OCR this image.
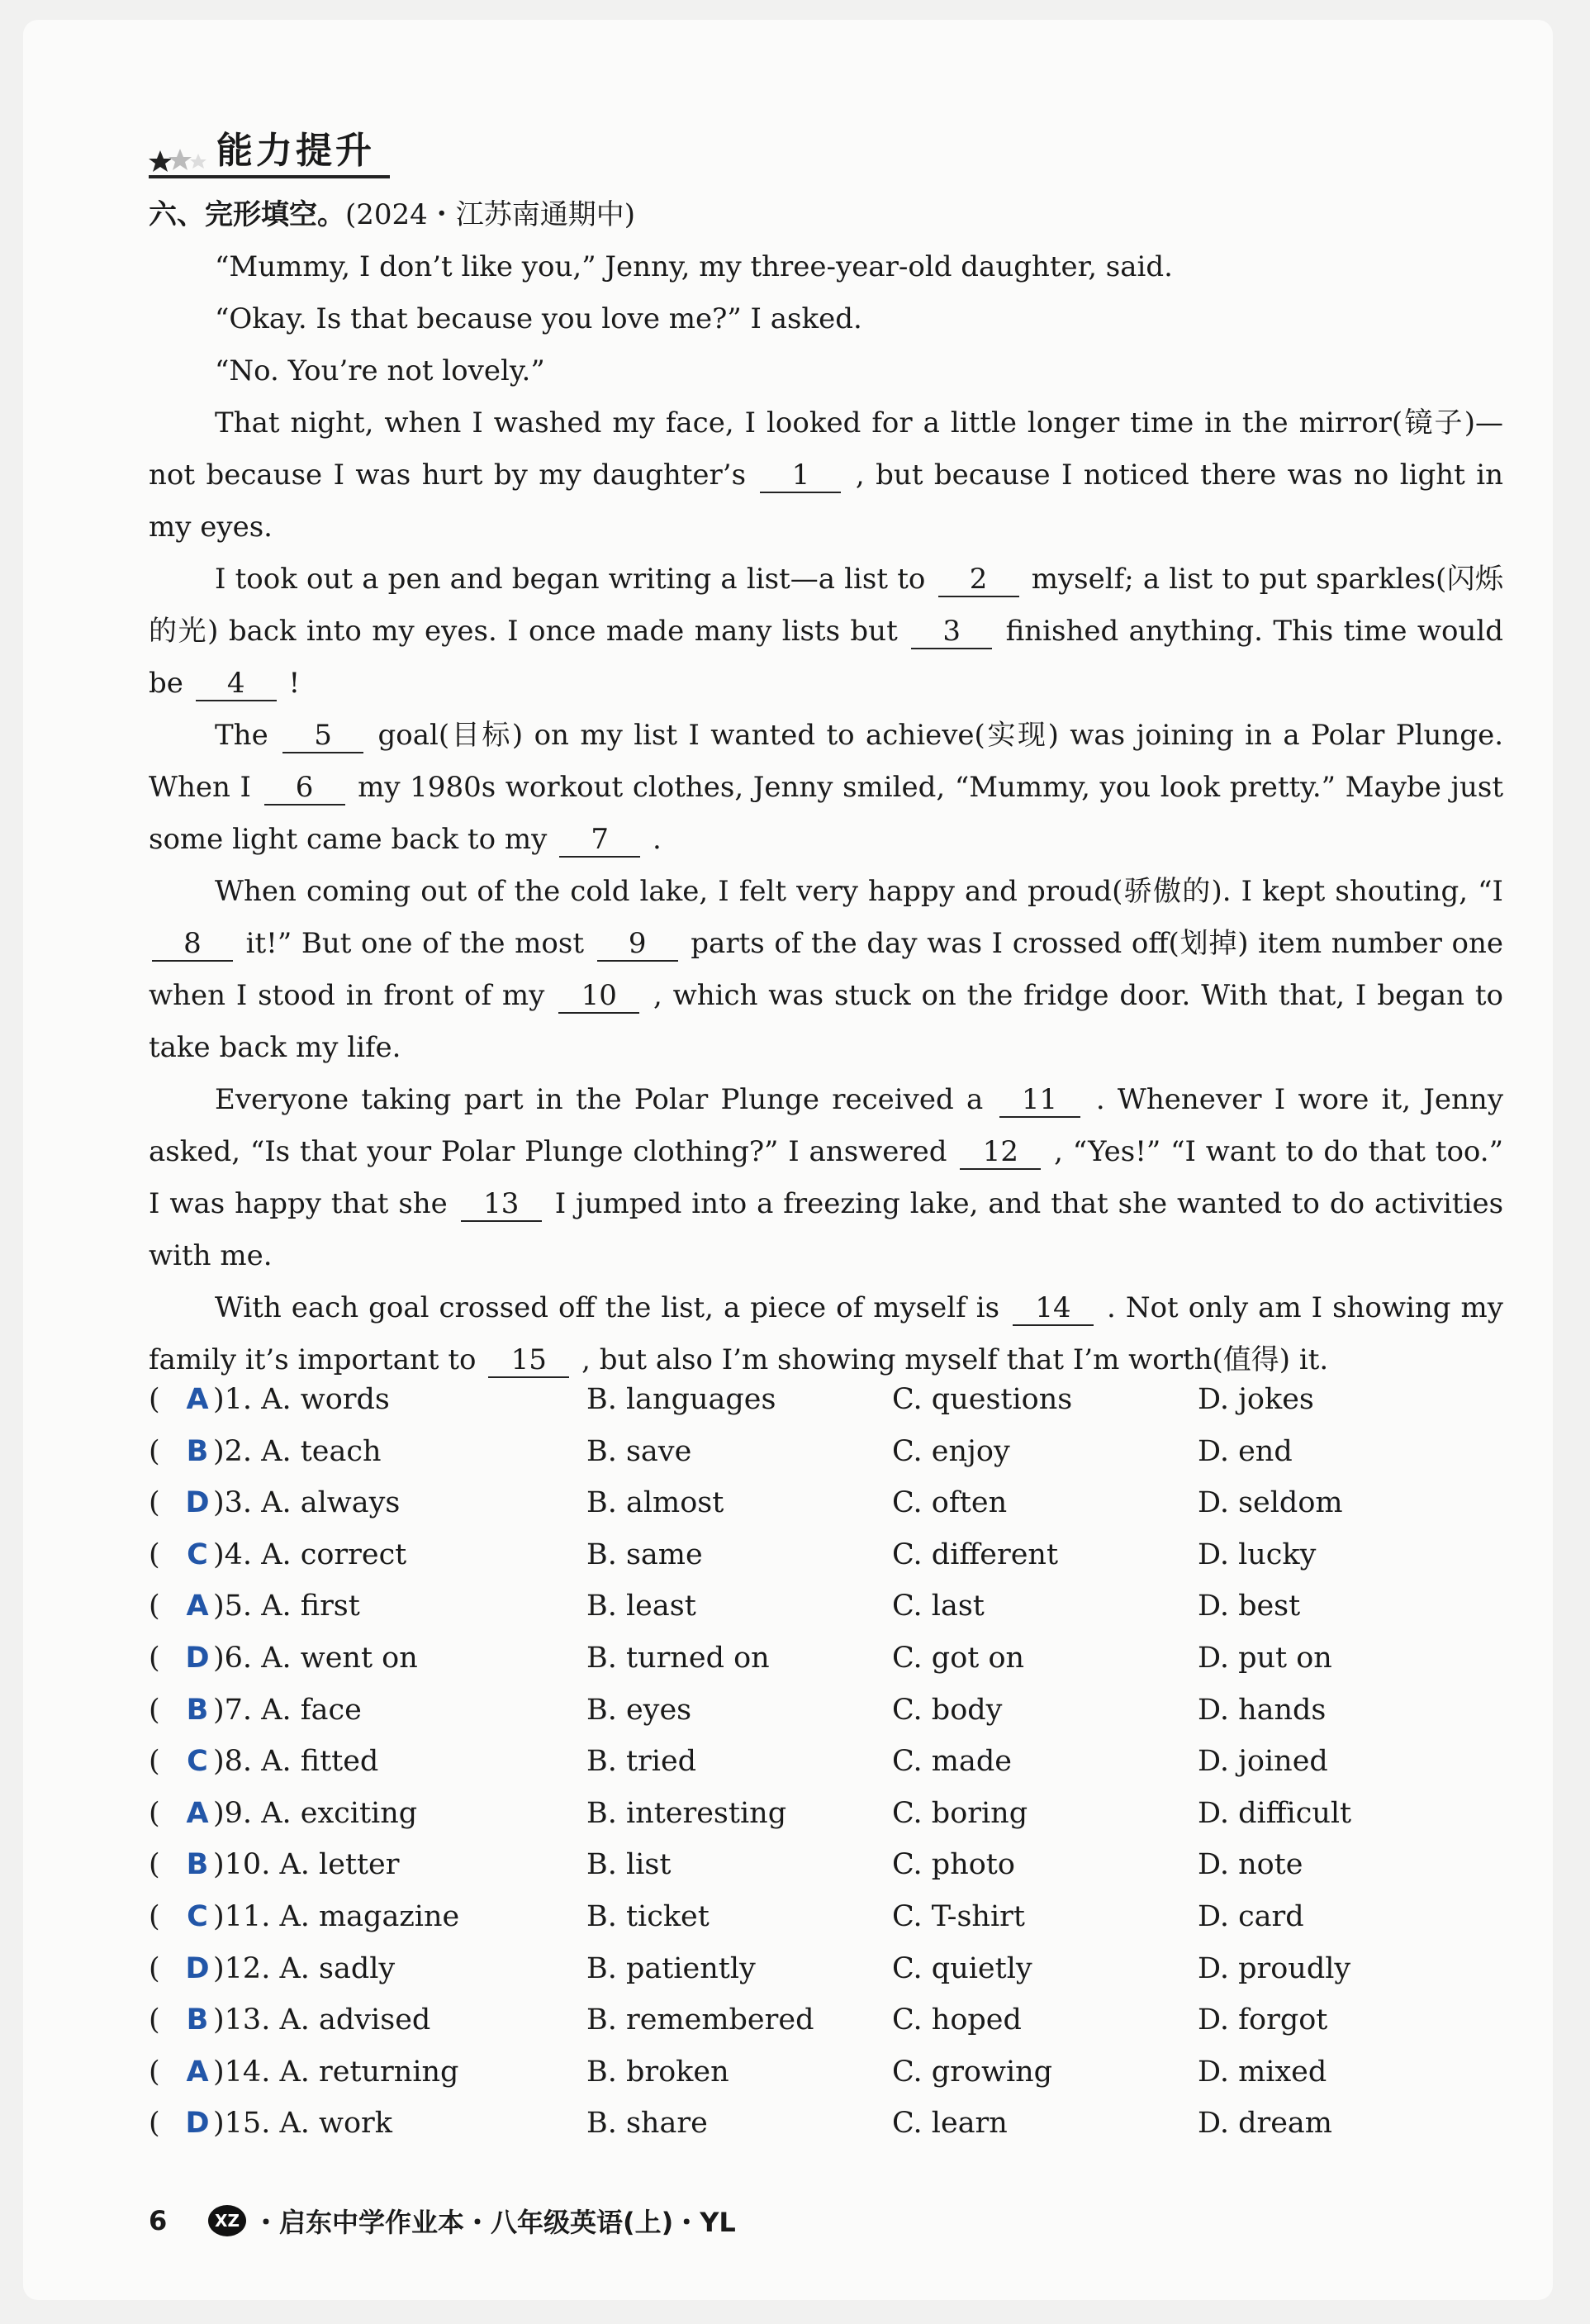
能力提升
六、完形填空。(2024・江苏南通期中)

“Mummy, I don’t like you,” Jenny, my three-year-old daughter, said.

“Okay. Is that because you love me?” I asked.

“No. You’re not lovely.”

That night, when I washed my face, I looked for a little longer time in the mirror(镜子)—not because I was hurt by my daughter’s 1 , but because I noticed there was no light in my eyes.

I took out a pen and began writing a list—a list to 2 myself; a list to put sparkles(闪烁的光) back into my eyes. I once made many lists but 3 finished anything. This time would be 4 !

The 5 goal(目标) on my list I wanted to achieve(实现) was joining in a Polar Plunge. When I 6 my 1980s workout clothes, Jenny smiled, “Mummy, you look pretty.” Maybe just some light came back to my 7 .

When coming out of the cold lake, I felt very happy and proud(骄傲的). I kept shouting, “I 8 it!” But one of the most 9 parts of the day was I crossed off(划掉) item number one when I stood in front of my 10 , which was stuck on the fridge door. With that, I began to take back my life.

Everyone taking part in the Polar Plunge received a 11 . Whenever I wore it, Jenny asked, “Is that your Polar Plunge clothing?” I answered 12 , “Yes!” “I want to do that too.” I was happy that she 13 I jumped into a freezing lake, and that she wanted to do activities with me.

With each goal crossed off the list, a piece of myself is 14 . Not only am I showing my family it’s important to 15 , but also I’m showing myself that I’m worth(值得) it.

( A )1. A. words	B. languages	C. questions	D. jokes
( B )2. A. teach	B. save	C. enjoy	D. end
( D )3. A. always	B. almost	C. often	D. seldom
( C )4. A. correct	B. same	C. different	D. lucky
( A )5. A. first	B. least	C. last	D. best
( D )6. A. went on	B. turned on	C. got on	D. put on
( B )7. A. face	B. eyes	C. body	D. hands
( C )8. A. fitted	B. tried	C. made	D. joined
( A )9. A. exciting	B. interesting	C. boring	D. difficult
( B )10. A. letter	B. list	C. photo	D. note
( C )11. A. magazine	B. ticket	C. T-shirt	D. card
( D )12. A. sadly	B. patiently	C. quietly	D. proudly
( B )13. A. advised	B. remembered	C. hoped	D. forgot
( A )14. A. returning	B. broken	C. growing	D. mixed
( D )15. A. work	B. share	C. learn	D. dream
6	XZ ・启东中学作业本・八年级英语(上)・YL
